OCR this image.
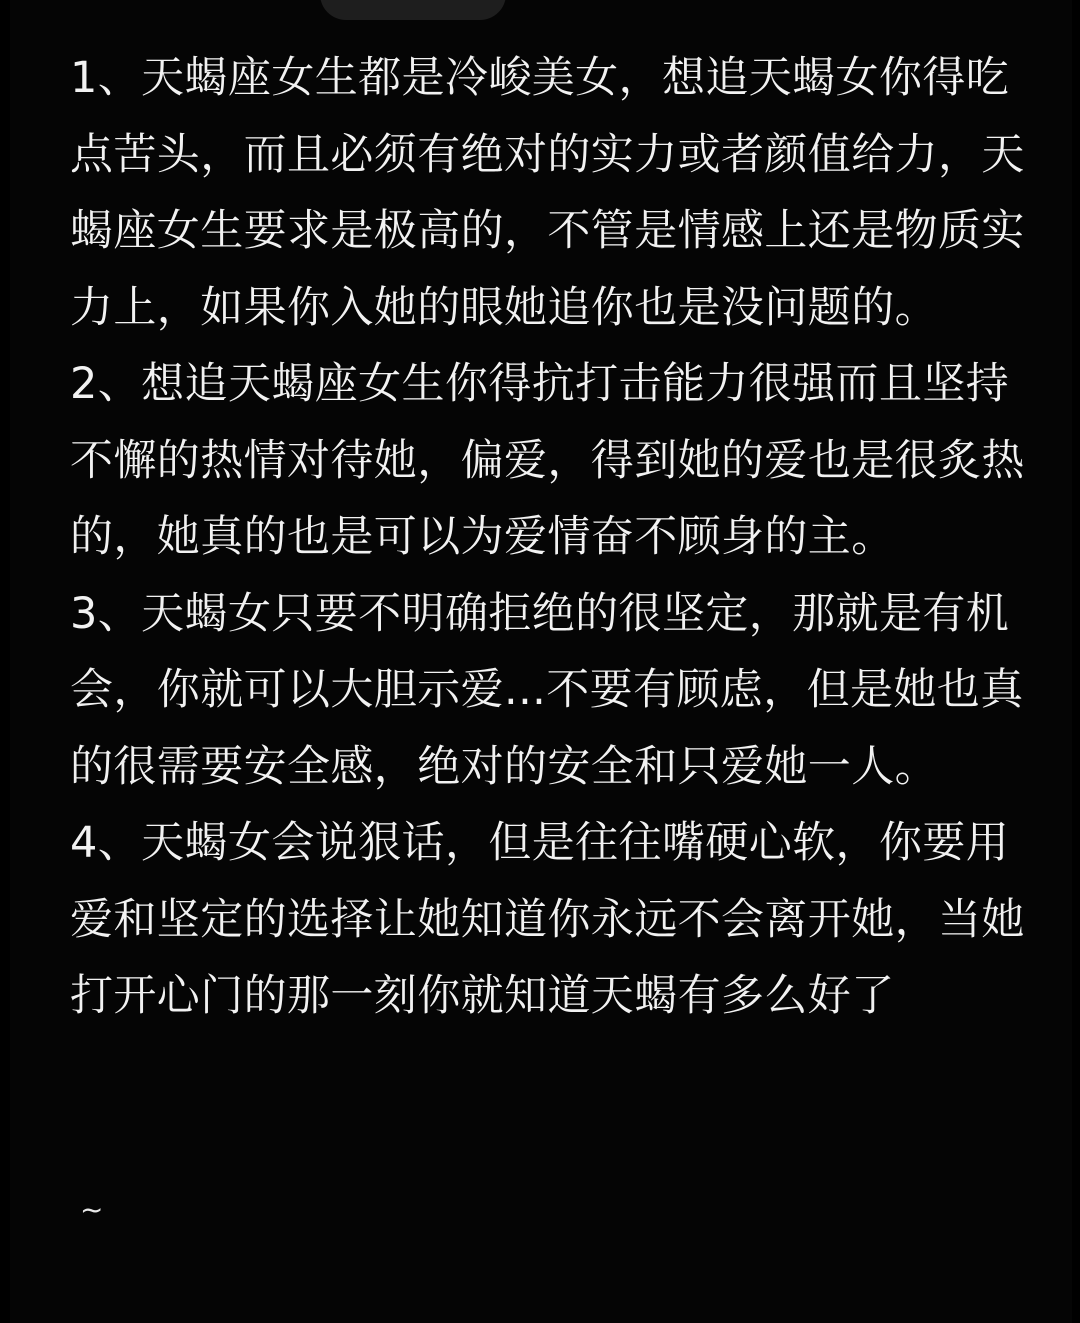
1、天蝎座女生都是冷峻美女，想追天蝎女你得吃点苦头，而且必须有绝对的实力或者颜值给力，天蝎座女生要求是极高的，不管是情感上还是物质实力上，如果你入她的眼她追你也是没问题的。

2、想追天蝎座女生你得抗打击能力很强而且坚持不懈的热情对待她，偏爱，得到她的爱也是很炙热的，她真的也是可以为爱情奋不顾身的主。

3、天蝎女只要不明确拒绝的很坚定，那就是有机会，你就可以大胆示爱...不要有顾虑，但是她也真的很需要安全感，绝对的安全和只爱她一人。

4、天蝎女会说狠话，但是往往嘴硬心软，你要用爱和坚定的选择让她知道你永远不会离开她，当她打开心门的那一刻你就知道天蝎有多么好了

~
